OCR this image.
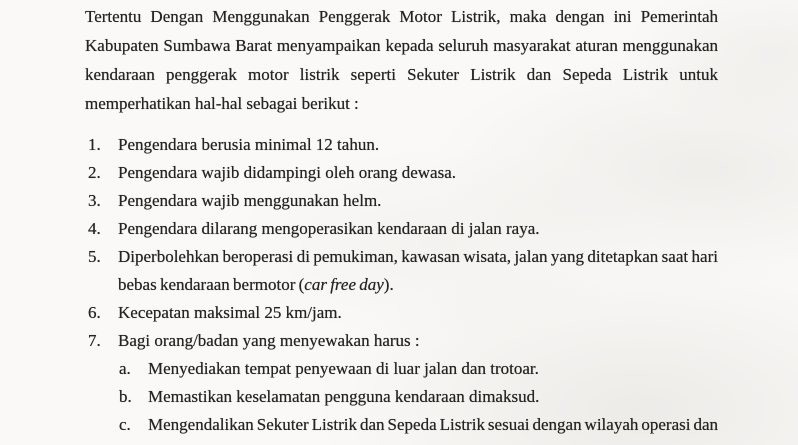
Tertentu Dengan Menggunakan Penggerak Motor Listrik, maka dengan ini Pemerintah Kabupaten Sumbawa Barat menyampaikan kepada seluruh masyarakat aturan menggunakan kendaraan penggerak motor listrik seperti Sekuter Listrik dan Sepeda Listrik untuk memperhatikan hal-hal sebagai berikut :

1.	Pengendara berusia minimal 12 tahun.
2.	Pengendara wajib didampingi oleh orang dewasa.
3.	Pengendara wajib menggunakan helm.
4.	Pengendara dilarang mengoperasikan kendaraan di jalan raya.
5.	Diperbolehkan beroperasi di pemukiman, kawasan wisata, jalan yang ditetapkan saat hari bebas kendaraan bermotor (car free day).
6.	Kecepatan maksimal 25 km/jam.
7.	Bagi orang/badan yang menyewakan harus :
a.	Menyediakan tempat penyewaan di luar jalan dan trotoar.
b. Memastikan keselamatan pengguna kendaraan dimaksud.
c.	Mengendalikan Sekuter Listrik dan Sepeda Listrik sesuai dengan wilayah operasi dan
